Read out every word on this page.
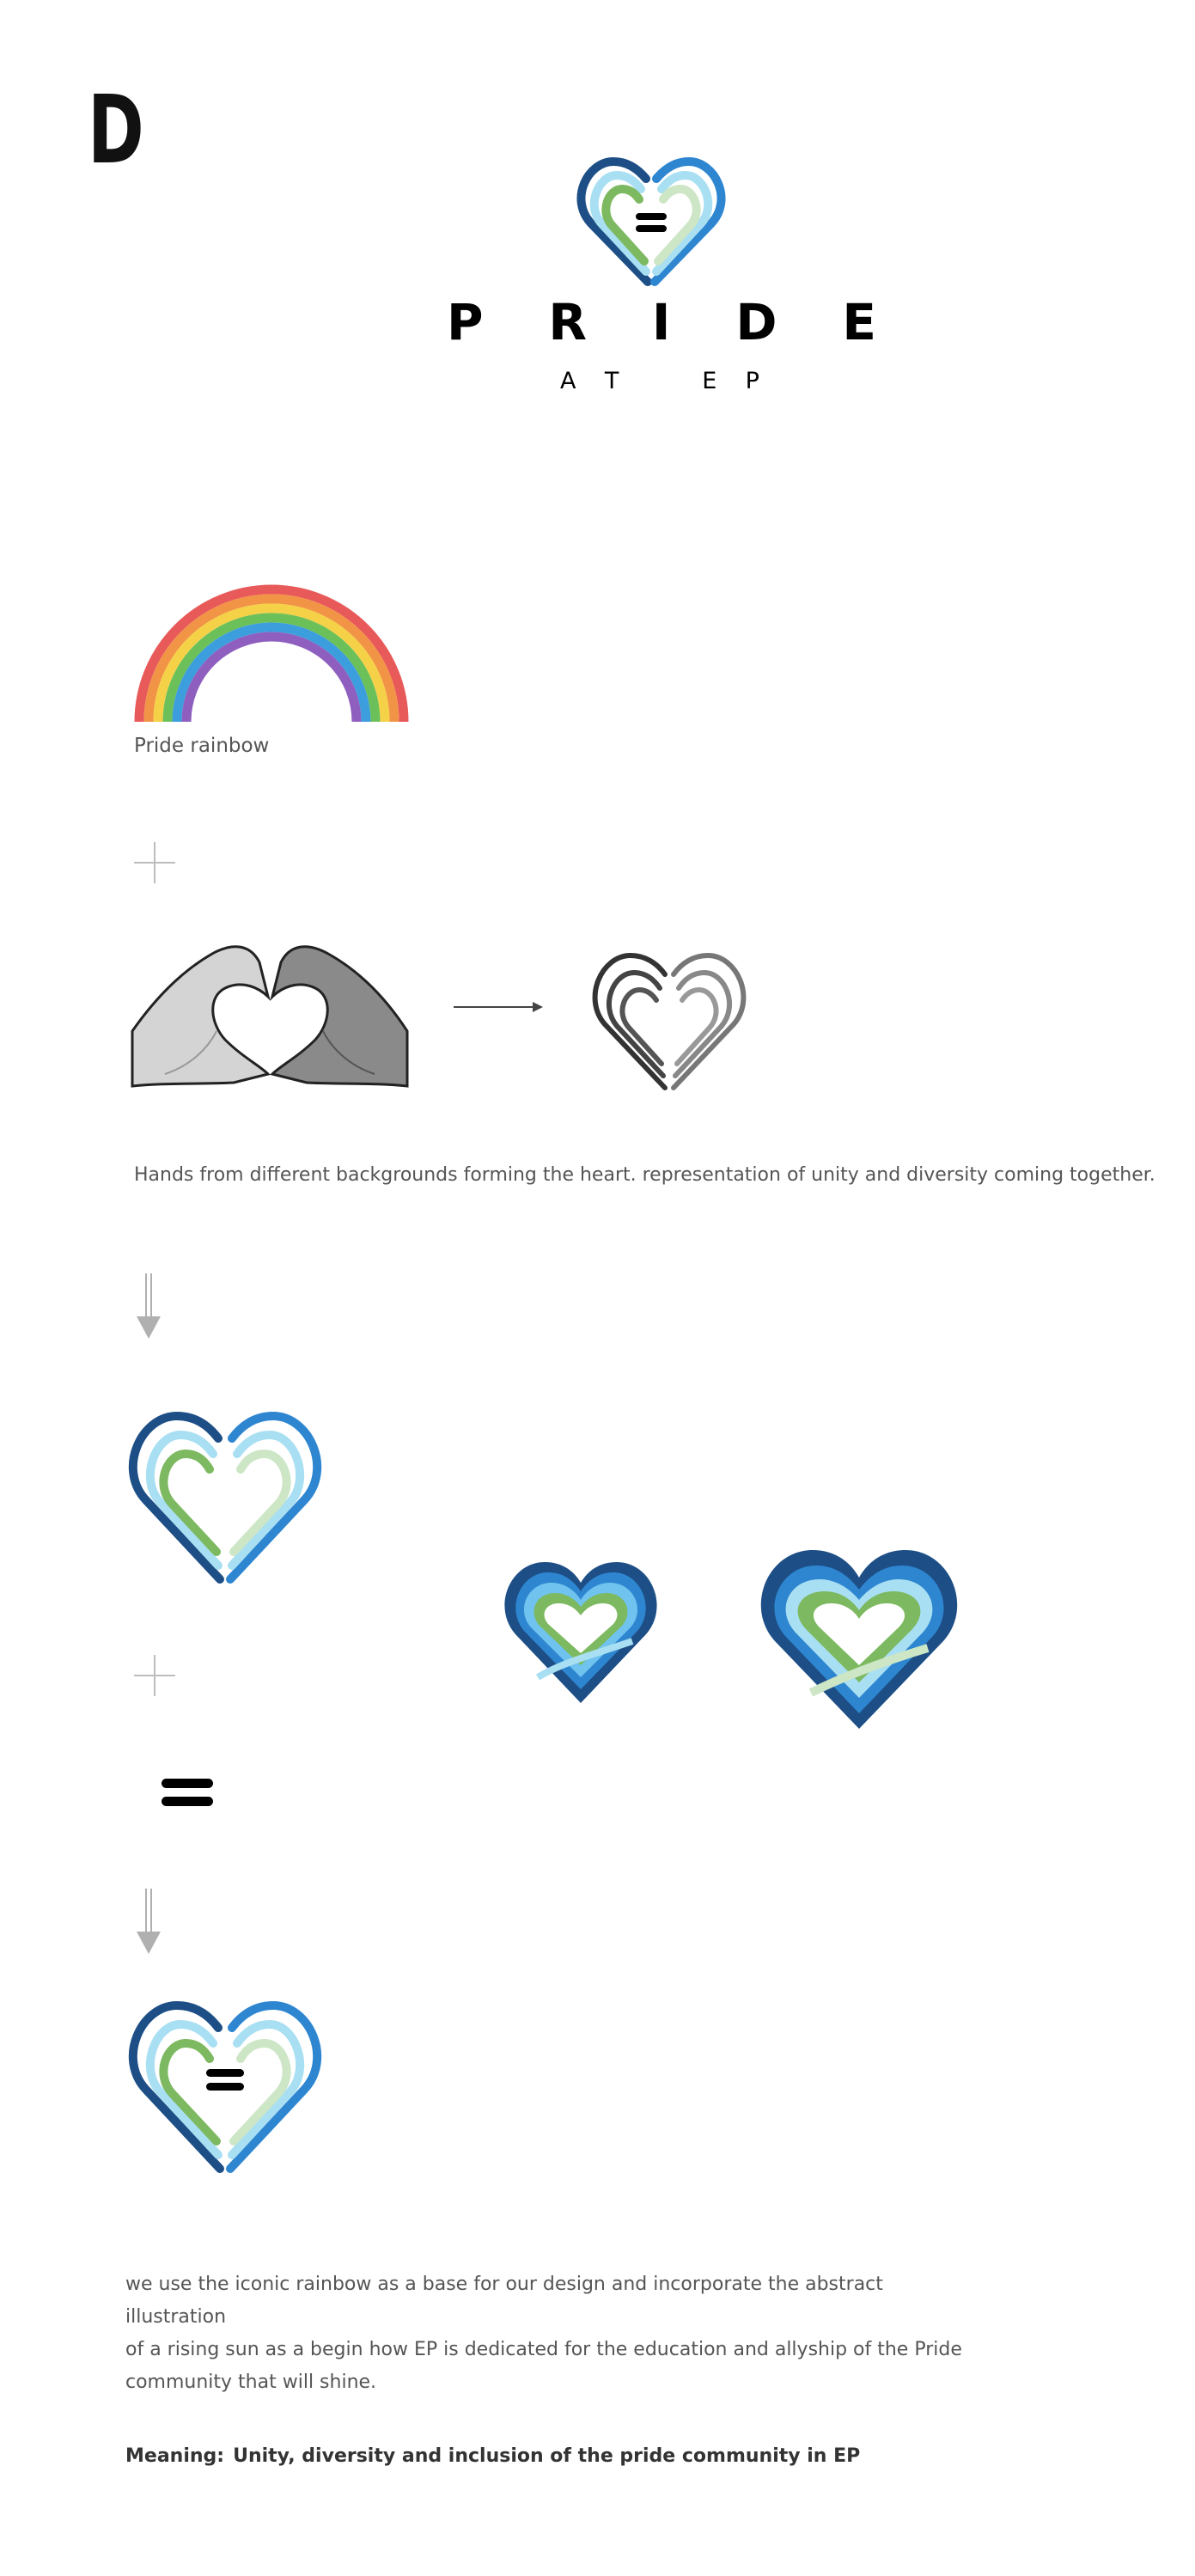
D
P R I D E
A T	E P
Pride rainbow
Hands from different backgrounds forming the heart. representation of unity and diversity coming together.
we use the iconic rainbow as a base for our design and incorporate the abstract illustration
of a rising sun as a begin how EP is dedicated for the education and allyship of the Pride
community that will shine.
Meaning: Unity, diversity and inclusion of the pride community in EP
